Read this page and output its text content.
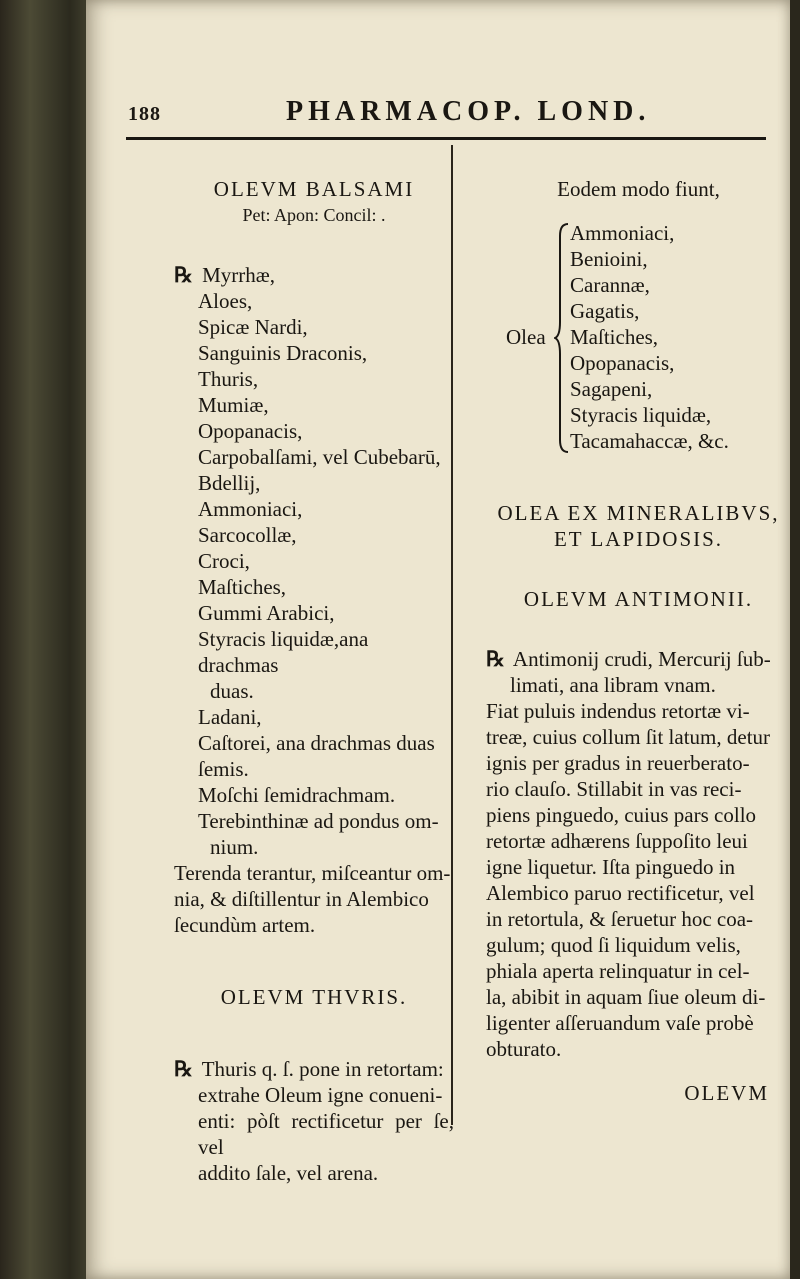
188	PHARMACOP. LOND.
OLEVM BALSAMI
Pet: Apon: Concil: .
℞ Myrrhæ,
Aloes,
Spicæ Nardi,
Sanguinis Draconis,
Thuris,
Mumiæ,
Opopanacis,
Carpobalſami, vel Cubebarū,
Bdellij,
Ammoniaci,
Sarcocollæ,
Croci,
Maſtiches,
Gummi Arabici,
Styracis liquidæ,ana drachmas
duas.
Ladani,
Caſtorei, ana drachmas duas
ſemis.
Moſchi ſemidrachmam.
Terebinthinæ ad pondus om-
nium.
Terenda terantur, miſceantur om-
nia, & diſtillentur in Alembico
ſecundùm artem.
OLEVM THVRIS.
℞ Thuris q. ſ. pone in retortam:
extrahe Oleum igne conueni-
enti: pòſt rectificetur per ſe, vel
addito ſale, vel arena.
Eodem modo fiunt,
Olea
Ammoniaci,
Benioini,
Carannæ,
Gagatis,
Maſtiches,
Opopanacis,
Sagapeni,
Styracis liquidæ,
Tacamahaccæ, &c.
OLEA EX MINERALIBVS,
ET LAPIDOSIS.
OLEVM ANTIMONII.
℞ Antimonij crudi, Mercurij ſub-
limati, ana libram vnam.
Fiat puluis indendus retortæ vi-
treæ, cuius collum ſit latum, detur
ignis per gradus in reuerberato-
rio clauſo. Stillabit in vas reci-
piens pinguedo, cuius pars collo
retortæ adhærens ſuppoſito leui
igne liquetur. Iſta pinguedo in
Alembico paruo rectificetur, vel
in retortula, & ſeruetur hoc coa-
gulum; quod ſi liquidum velis,
phiala aperta relinquatur in cel-
la, abibit in aquam ſiue oleum di-
ligenter aſſeruandum vaſe probè
obturato.
OLEVM
